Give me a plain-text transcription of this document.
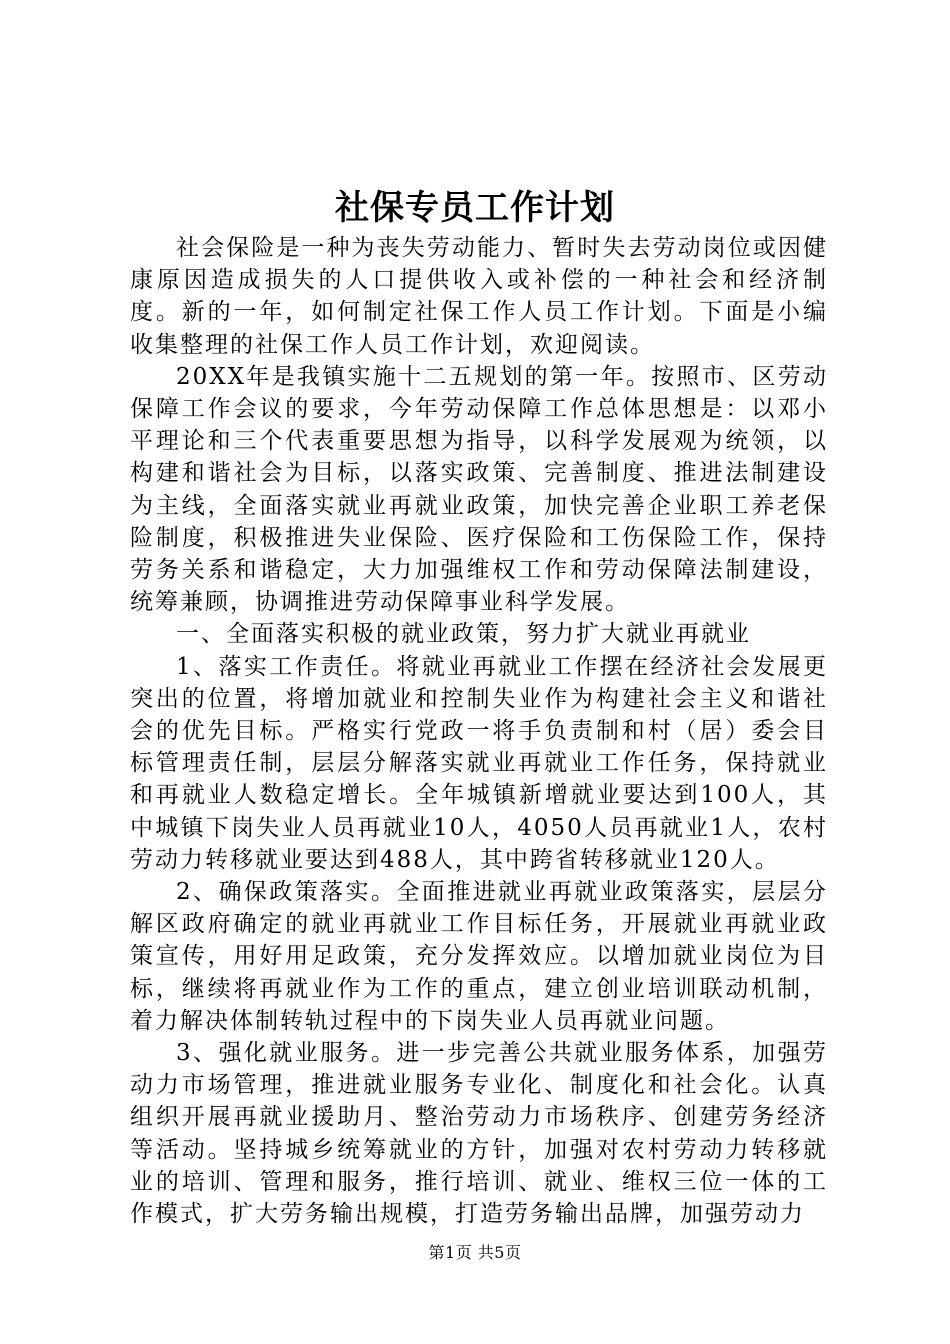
社保专员工作计划

社会保险是一种为丧失劳动能力、暂时失去劳动岗位或因健康原因造成损失的人口提供收入或补偿的一种社会和经济制度。新的一年，如何制定社保工作人员工作计划。下面是小编收集整理的社保工作人员工作计划，欢迎阅读。

20XX年是我镇实施十二五规划的第一年。按照市、区劳动保障工作会议的要求，今年劳动保障工作总体思想是：以邓小平理论和三个代表重要思想为指导，以科学发展观为统领，以构建和谐社会为目标，以落实政策、完善制度、推进法制建设为主线，全面落实就业再就业政策，加快完善企业职工养老保险制度，积极推进失业保险、医疗保险和工伤保险工作，保持劳务关系和谐稳定，大力加强维权工作和劳动保障法制建设，统筹兼顾，协调推进劳动保障事业科学发展。

一、全面落实积极的就业政策，努力扩大就业再就业

1、落实工作责任。将就业再就业工作摆在经济社会发展更突出的位置，将增加就业和控制失业作为构建社会主义和谐社会的优先目标。严格实行党政一将手负责制和村（居）委会目标管理责任制，层层分解落实就业再就业工作任务，保持就业和再就业人数稳定增长。全年城镇新增就业要达到100人，其中城镇下岗失业人员再就业10人，4050人员再就业1人，农村劳动力转移就业要达到488人，其中跨省转移就业120人。

2、确保政策落实。全面推进就业再就业政策落实，层层分解区政府确定的就业再就业工作目标任务，开展就业再就业政策宣传，用好用足政策，充分发挥效应。以增加就业岗位为目标，继续将再就业作为工作的重点，建立创业培训联动机制，着力解决体制转轨过程中的下岗失业人员再就业问题。

3、强化就业服务。进一步完善公共就业服务体系，加强劳动力市场管理，推进就业服务专业化、制度化和社会化。认真组织开展再就业援助月、整治劳动力市场秩序、创建劳务经济等活动。坚持城乡统筹就业的方针，加强对农村劳动力转移就业的培训、管理和服务，推行培训、就业、维权三位一体的工作模式，扩大劳务输出规模，打造劳务输出品牌，加强劳动力

第1页 共5页
